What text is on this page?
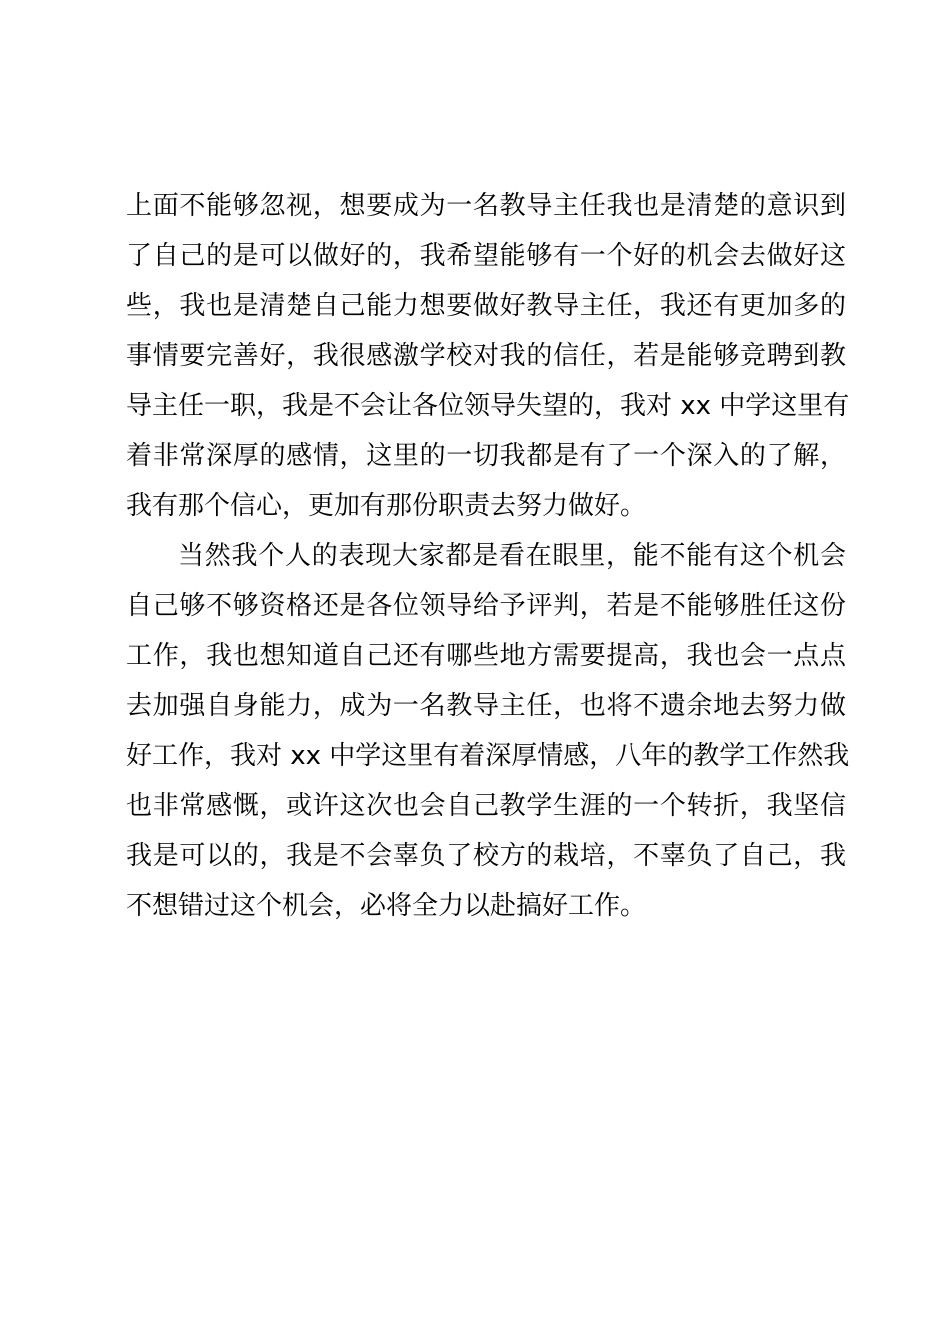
上面不能够忽视，想要成为一名教导主任我也是清楚的意识到
了自己的是可以做好的，我希望能够有一个好的机会去做好这
些，我也是清楚自己能力想要做好教导主任，我还有更加多的
事情要完善好，我很感激学校对我的信任，若是能够竞聘到教
导主任一职，我是不会让各位领导失望的，我对 xx 中学这里有
着非常深厚的感情，这里的一切我都是有了一个深入的了解，
我有那个信心，更加有那份职责去努力做好。
当然我个人的表现大家都是看在眼里，能不能有这个机会
自己够不够资格还是各位领导给予评判，若是不能够胜任这份
工作，我也想知道自己还有哪些地方需要提高，我也会一点点
去加强自身能力，成为一名教导主任，也将不遗余地去努力做
好工作，我对 xx 中学这里有着深厚情感，八年的教学工作然我
也非常感慨，或许这次也会自己教学生涯的一个转折，我坚信
我是可以的，我是不会辜负了校方的栽培，不辜负了自己，我
不想错过这个机会，必将全力以赴搞好工作。
